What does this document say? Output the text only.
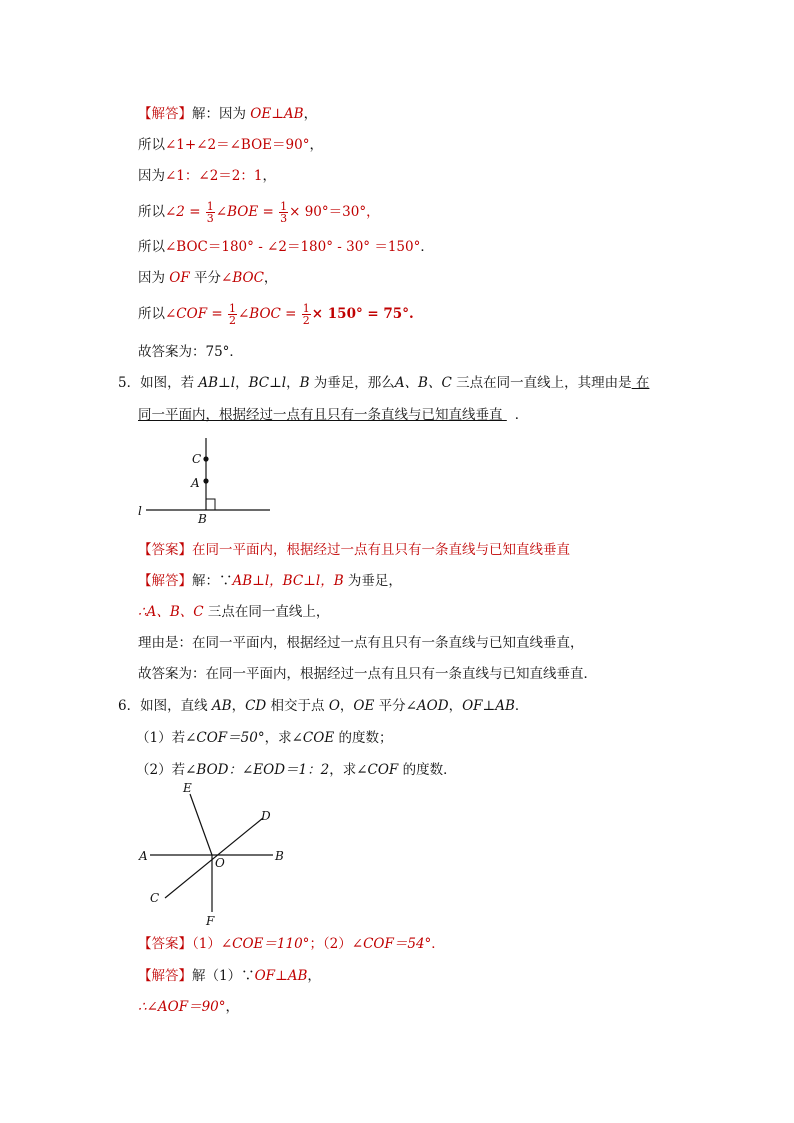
【解答】解：因为 OE⊥AB，
所以∠1+∠2＝∠BOE＝90°，
因为∠1：∠2＝2：1，
所以∠2 = $\frac{1}{3}$ ∠BOE = $\frac{1}{3} \times 90^\circ=30^\circ$，
所以∠BOC＝180° - ∠2＝180° - 30° ＝150°．
因为 OF 平分∠BOC，
所以∠COF = $\frac{1}{2}$ ∠BOC = $\frac{1}{2} \times 150^\circ = 75^\circ$.
故答案为：75°．
5．如图，若 AB⊥l，BC⊥l，B 为垂足，那么A、B、C 三点在同一直线上，其理由是 在
同一平面内，根据经过一点有且只有一条直线与已知直线垂直 ．
C
A
B
l
【答案】在同一平面内，根据经过一点有且只有一条直线与已知直线垂直
【解答】解：∵AB⊥l，BC⊥l，B 为垂足，
∴A、B、C 三点在同一直线上，
理由是：在同一平面内，根据经过一点有且只有一条直线与已知直线垂直，
故答案为：在同一平面内，根据经过一点有且只有一条直线与已知直线垂直．
6．如图，直线 AB，CD 相交于点 O，OE 平分∠AOD，OF⊥AB．
（1）若∠COF＝50°，求∠COE 的度数；
（2）若∠BOD：∠EOD＝1：2，求∠COF 的度数．
E
D
A	O	B
C
F
【答案】（1）∠COE＝110°；（2）∠COF＝54°．
【解答】解（1）∵OF⊥AB，
∴∠AOF＝90°，
